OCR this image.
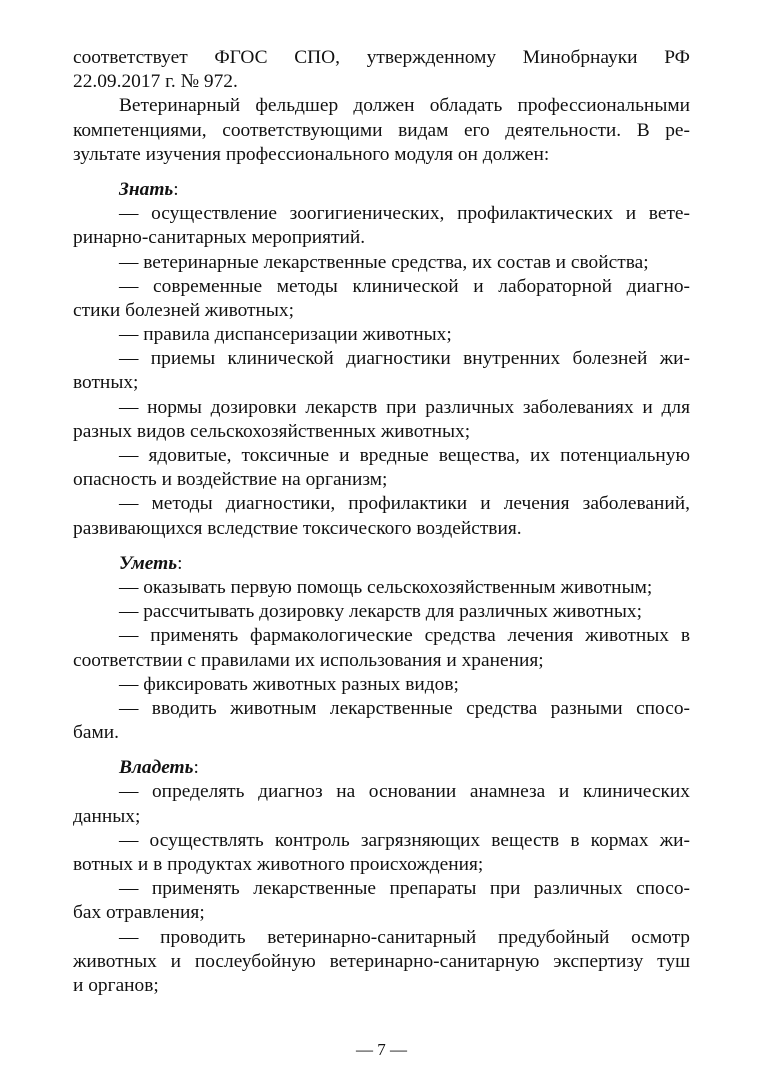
соответствует ФГОС СПО, утвержденному Минобрнауки РФ
22.09.2017 г. № 972.
Ветеринарный фельдшер должен обладать профессиональными
компетенциями, соответствующими видам его деятельности. В ре-
зультате изучения профессионального модуля он должен:
Знать:
— осуществление зоогигиенических, профилактических и вете-
ринарно-санитарных мероприятий.
— ветеринарные лекарственные средства, их состав и свойства;
— современные методы клинической и лабораторной диагно-
стики болезней животных;
— правила диспансеризации животных;
— приемы клинической диагностики внутренних болезней жи-
вотных;
— нормы дозировки лекарств при различных заболеваниях и для
разных видов сельскохозяйственных животных;
— ядовитые, токсичные и вредные вещества, их потенциальную
опасность и воздействие на организм;
— методы диагностики, профилактики и лечения заболеваний,
развивающихся вследствие токсического воздействия.
Уметь:
— оказывать первую помощь сельскохозяйственным животным;
— рассчитывать дозировку лекарств для различных животных;
— применять фармакологические средства лечения животных в
соответствии с правилами их использования и хранения;
— фиксировать животных разных видов;
— вводить животным лекарственные средства разными спосо-
бами.
Владеть:
— определять диагноз на основании анамнеза и клинических
данных;
— осуществлять контроль загрязняющих веществ в кормах жи-
вотных и в продуктах животного происхождения;
— применять лекарственные препараты при различных спосо-
бах отравления;
— проводить ветеринарно-санитарный предубойный осмотр
животных и послеубойную ветеринарно-санитарную экспертизу туш
и органов;
— 7 —
